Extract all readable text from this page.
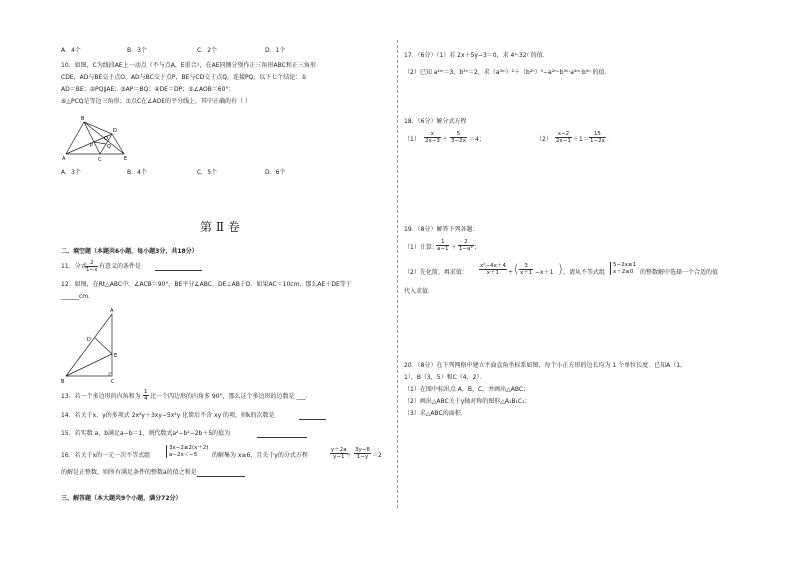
A．4个	B．3个	C．2个	D．1个
10．如图，C为线段AE上一动点（不与点A，E重合），在AE同侧分别作正三角形ABC和正三角形
CDE，AD与BE交于点O，AD与BC交于点P，BE与CD交于点Q，连接PQ，以下七个结论：①
AD＝BE；②PQ∥AE；③AP＝BQ；④DE＝DP；⑤∠AOB＝60°；
⑥△PCQ是等边三角形；⑦点C在∠AOE的平分线上，其中正确的有（ ）
B
D
O
P	Q
A	C	E
A．3个	B．4个	C．5个	D．6个
第 Ⅱ 卷
二、填空题（本题共6小题，每小题3分，共18分）
11．分式
$\frac{2}{1-x}$ 有意义的条件是
12．如图，在Rt△ABC中，∠ACB＝90°，BE平分∠ABC，DE⊥AB于D．如果AC＝10cm，那么AE＋DE等于
______cm．
A
D
E
B	C
13．若一个多边形的内角和为 $\frac{1}{4}$ 比一个四边形的内角多 90°，那么这个多边形的边数是 ___.
14．若关于x，y的多项式 2x²y＋3xy−5x²y 化简后不含 xy 的项，则k的次数是
15．若实数 a，b满足a−b＝1，则代数式a²−b²−2b＋5的值为
16．若关于x的一元一次不等式组
3x−2≥2(x＋2)
a−2x＜−5	的解集为 x≥6，且关于y的分式方程	$\frac{y+2a}{y-1}$
＋ $\frac{3y-8}{1-y} =2$
的解是正整数，则所有满足条件的整数a的值之和是
三、解答题（本大题共9个小题，满分72分）
17．（6分）（1）若 2x＋5y−3＝0，求 4ˣ·32ʸ 的值．
（2）已知 a²ᵐ＝3，b³ⁿ＝2，求（a³ᵐ）²＋（b²ⁿ）³−a²ᵐ·b³ⁿ·a⁴ᵐ·b⁹ⁿ 的值．
18．（6分）解分式方程
$(1) \frac{x}{2x-3} + \frac{5}{3-2x} =4$；	$(2) \frac{x-2}{2x-1} +1= \frac{15}{1-2x}$ ．
19．（8分）解答下列各题：
（1）计算：
$\frac{1}{a-1} + \frac{2}{\text{1−a²}}$ ；
（2）先化简，再求值： $\frac{\text{x²−4x＋4}}{x+1}$ ÷ ( $\frac{3}{x+1} -x+1$ ) ，请从不等式组
5−2x≥1
x＋2≥0	的整数解中选择一个合适的值
代入求值．
20．（8分）在下列网格中建立平面直角坐标系如图，每个小正方形的边长均为 1 个单位长度．已知A（1，
1），B（3，5）和C（4，2）．
（1）在图中标出点 A，B，C，并画出△ABC；
（2）画出△ABC关于y轴对称的图形△A₁B₁C₁；
（3）求△ABC的面积．
